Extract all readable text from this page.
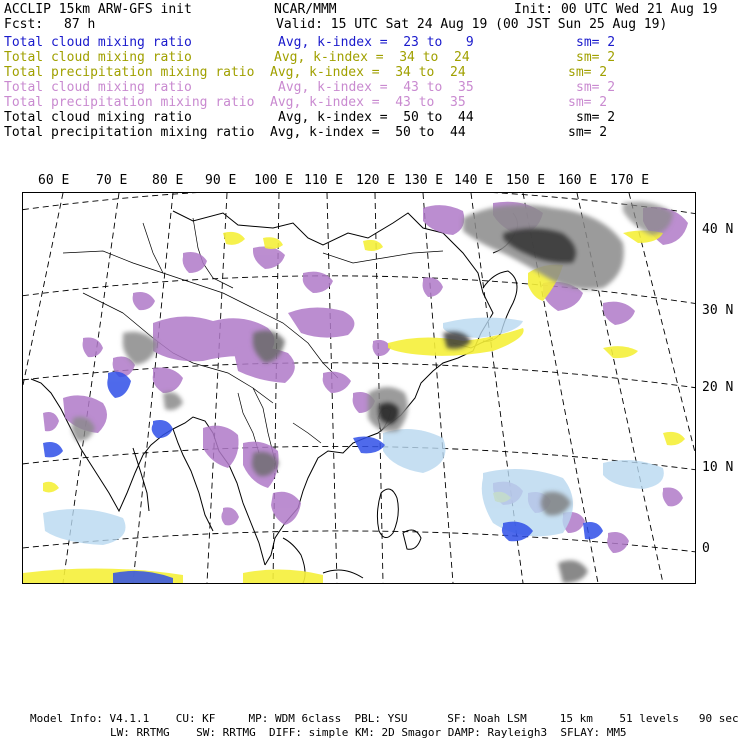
ACCLIP 15km ARW-GFS init	NCAR/MMM	Init: 00 UTC Wed 21 Aug 19
Fcst: 87 h	Valid: 15 UTC Sat 24 Aug 19 (00 JST Sun 25 Aug 19)
Total cloud mixing ratio	Avg, k-index =  23 to   9	sm= 2
Total cloud mixing ratio	Avg, k-index =  34 to  24	sm= 2
Total precipitation mixing ratio Avg, k-index =  34 to  24	sm= 2
Total cloud mixing ratio	Avg, k-index =  43 to  35	sm= 2
Total precipitation mixing ratio Avg, k-index =  43 to  35	sm= 2
Total cloud mixing ratio	Avg, k-index =  50 to  44	sm= 2
Total precipitation mixing ratio Avg, k-index =  50 to  44	sm= 2
60 E 70 E 80 E 90 E 100 E 110 E 120 E 130 E 140 E 150 E 160 E 170 E
40 N
30 N
20 N
10 N
0
Model Info: V4.1.1    CU: KF     MP: WDM 6class  PBL: YSU      SF: Noah LSM     15 km    51 levels   90 sec
LW: RRTMG    SW: RRTMG  DIFF: simple KM: 2D Smagor DAMP: Rayleigh3  SFLAY: MM5
